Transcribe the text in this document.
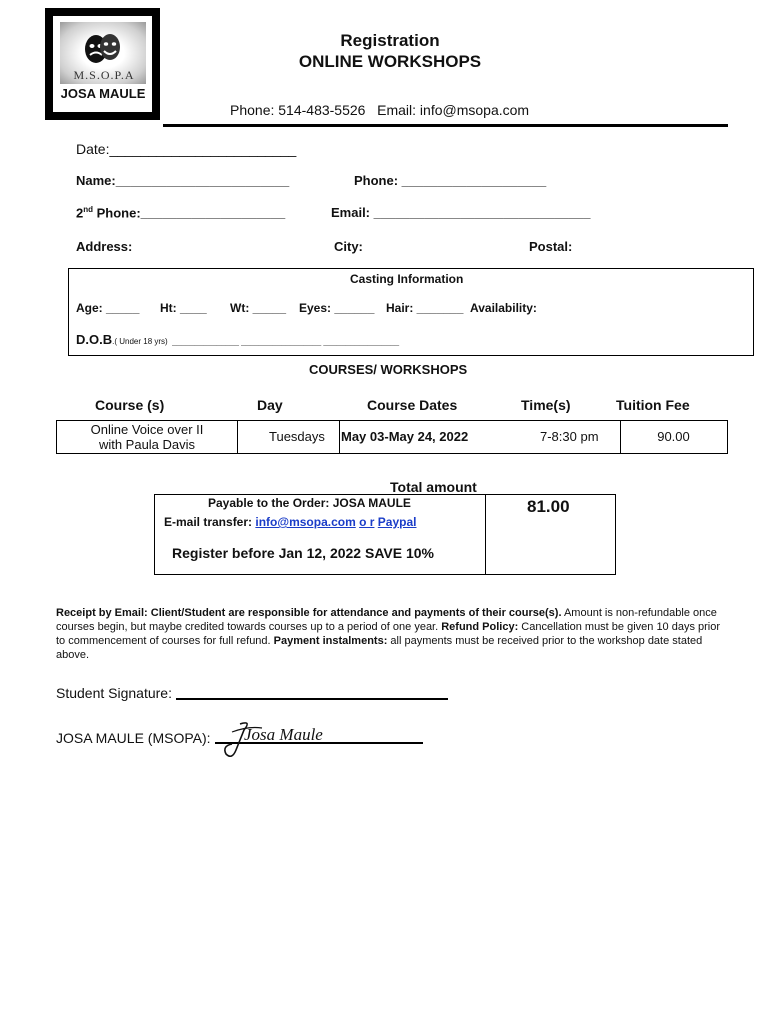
M.S.O.P.A
JOSA MAULE
Registration
ONLINE WORKSHOPS
Phone: 514-483-5526 Email: info@msopa.com
Date:________________________
Name:________________________	Phone: ____________________
2nd Phone:____________________	Email: ______________________________
Address:	City:	Postal:
Casting Information
Age: _____ Ht: ____ Wt: _____ Eyes: ______ Hair: _______ Availability:
D.O.B.( Under 18 yrs) _______________ __________________ _________________
COURSES/ WORKSHOPS
Course (s)	Day	Course Dates	Time(s)	Tuition Fee
Online Voice over II
with Paula Davis
Tuesdays May 03-May 24, 2022	7-8:30 pm	90.00
Total amount
Payable to the Order: JOSA MAULE
E-mail transfer: info@msopa.com o r Paypal
Register before Jan 12, 2022 SAVE 10%
81.00
Receipt by Email: Client/Student are responsible for attendance and payments of their course(s). Amount is non-refundable once courses begin, but maybe credited towards courses up to a period of one year. Refund Policy: Cancellation must be given 10 days prior to commencement of courses for full refund. Payment instalments: all payments must be received prior to the workshop date stated above.
Student Signature:
JOSA MAULE (MSOPA): Josa Maule
